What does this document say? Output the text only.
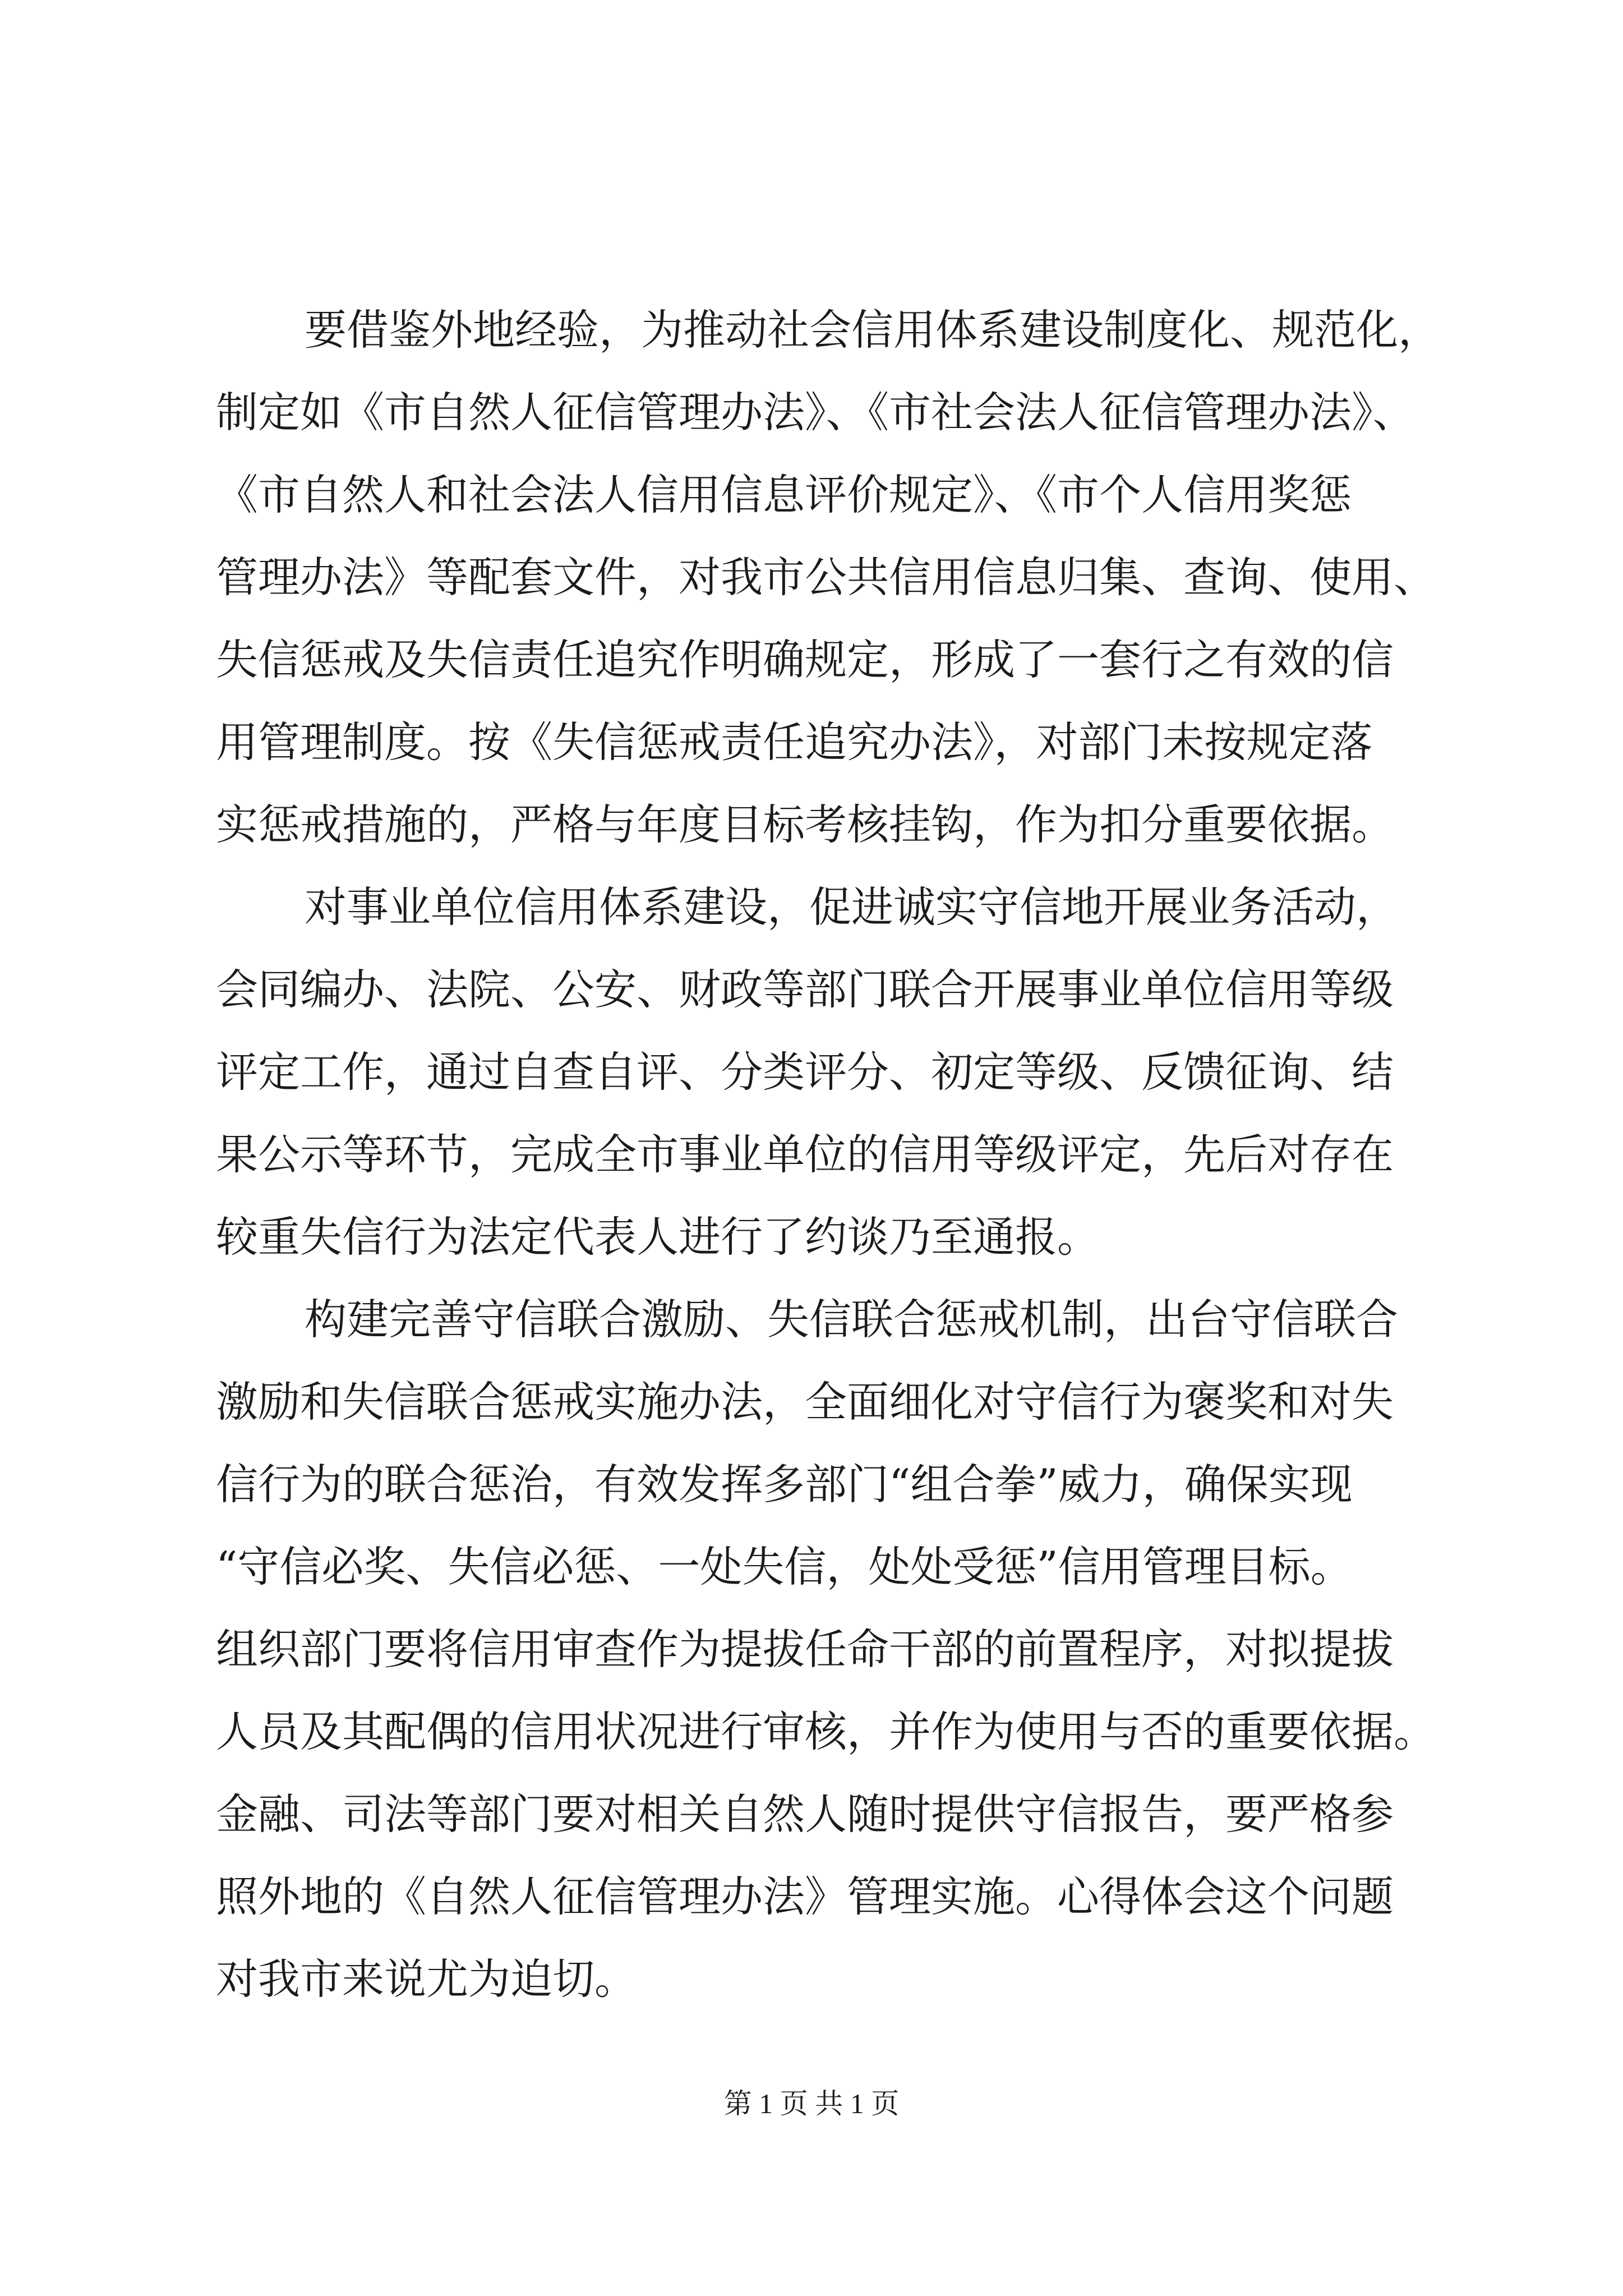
要借鉴外地经验，为推动社会信用体系建设制度化、规范化，
制定如《市自然人征信管理办法》、《市社会法人征信管理办法》、
《市自然人和社会法人信用信息评价规定》、《市个人信用奖惩
管理办法》等配套文件，对我市公共信用信息归集、查询、使用、
失信惩戒及失信责任追究作明确规定，形成了一套行之有效的信
用管理制度。按《失信惩戒责任追究办法》，对部门未按规定落
实惩戒措施的，严格与年度目标考核挂钩，作为扣分重要依据。
对事业单位信用体系建设，促进诚实守信地开展业务活动，
会同编办、法院、公安、财政等部门联合开展事业单位信用等级
评定工作，通过自查自评、分类评分、初定等级、反馈征询、结
果公示等环节，完成全市事业单位的信用等级评定，先后对存在
较重失信行为法定代表人进行了约谈乃至通报。
构建完善守信联合激励、失信联合惩戒机制，出台守信联合
激励和失信联合惩戒实施办法，全面细化对守信行为褒奖和对失
信行为的联合惩治，有效发挥多部门“组合拳”威力，确保实现
“守信必奖、失信必惩、一处失信，处处受惩”信用管理目标。
组织部门要将信用审查作为提拔任命干部的前置程序，对拟提拔
人员及其配偶的信用状况进行审核，并作为使用与否的重要依据。
金融、司法等部门要对相关自然人随时提供守信报告，要严格参
照外地的《自然人征信管理办法》管理实施。心得体会这个问题
对我市来说尤为迫切。
第 1 页 共 1 页
